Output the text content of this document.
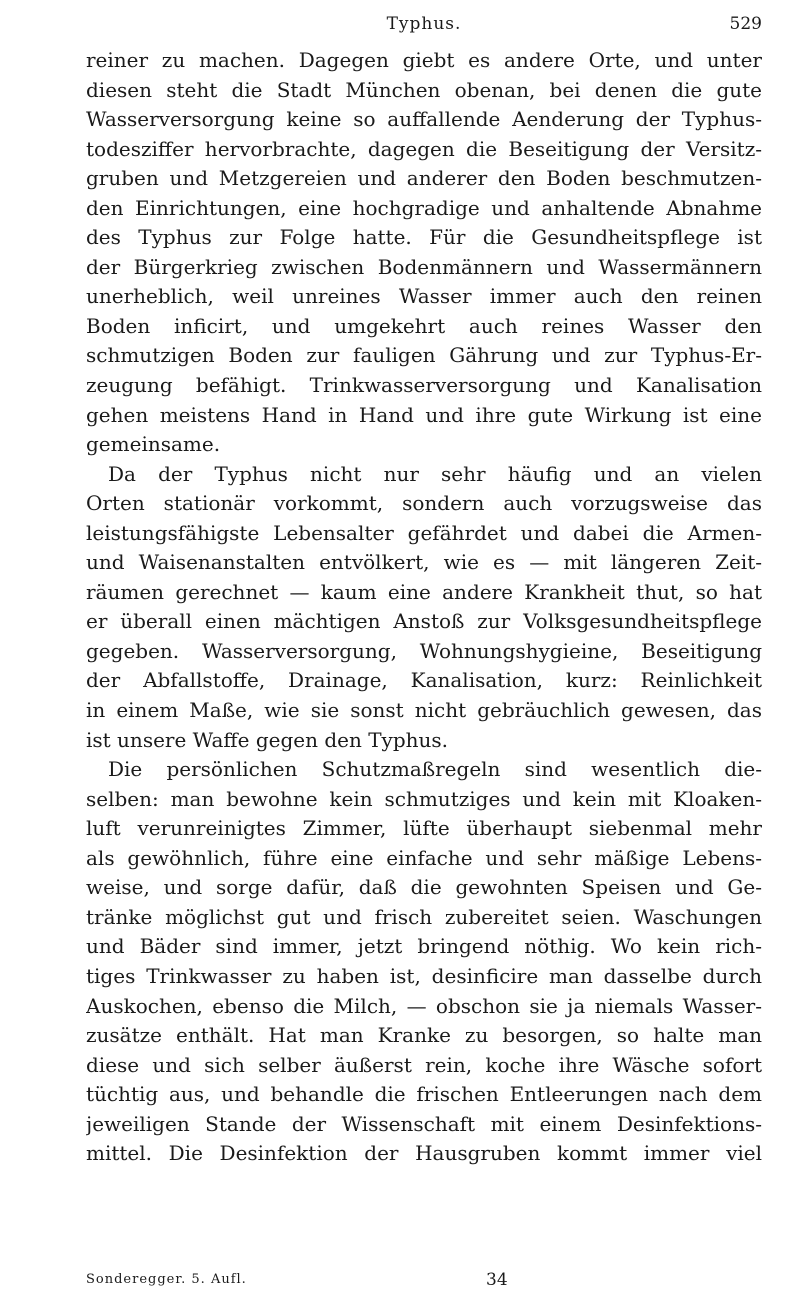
Typhus.	529
reiner zu machen. Dagegen giebt es andere Orte, und unter
diesen steht die Stadt München obenan, bei denen die gute
Wasserversorgung keine so auffallende Aenderung der Typhus-
todesziffer hervorbrachte, dagegen die Beseitigung der Versitz-
gruben und Metzgereien und anderer den Boden beschmutzen-
den Einrichtungen, eine hochgradige und anhaltende Abnahme
des Typhus zur Folge hatte. Für die Gesundheitspflege ist
der Bürgerkrieg zwischen Bodenmännern und Wassermännern
unerheblich, weil unreines Wasser immer auch den reinen
Boden inficirt, und umgekehrt auch reines Wasser den
schmutzigen Boden zur fauligen Gährung und zur Typhus-Er-
zeugung befähigt. Trinkwasserversorgung und Kanalisation
gehen meistens Hand in Hand und ihre gute Wirkung ist eine
gemeinsame.
Da der Typhus nicht nur sehr häufig und an vielen
Orten stationär vorkommt, sondern auch vorzugsweise das
leistungsfähigste Lebensalter gefährdet und dabei die Armen-
und Waisenanstalten entvölkert, wie es — mit längeren Zeit-
räumen gerechnet — kaum eine andere Krankheit thut, so hat
er überall einen mächtigen Anstoß zur Volksgesundheitspflege
gegeben. Wasserversorgung, Wohnungshygieine, Beseitigung
der Abfallstoffe, Drainage, Kanalisation, kurz: Reinlichkeit
in einem Maße, wie sie sonst nicht gebräuchlich gewesen, das
ist unsere Waffe gegen den Typhus.
Die persönlichen Schutzmaßregeln sind wesentlich die-
selben: man bewohne kein schmutziges und kein mit Kloaken-
luft verunreinigtes Zimmer, lüfte überhaupt siebenmal mehr
als gewöhnlich, führe eine einfache und sehr mäßige Lebens-
weise, und sorge dafür, daß die gewohnten Speisen und Ge-
tränke möglichst gut und frisch zubereitet seien. Waschungen
und Bäder sind immer, jetzt bringend nöthig. Wo kein rich-
tiges Trinkwasser zu haben ist, desinficire man dasselbe durch
Auskochen, ebenso die Milch, — obschon sie ja niemals Wasser-
zusätze enthält. Hat man Kranke zu besorgen, so halte man
diese und sich selber äußerst rein, koche ihre Wäsche sofort
tüchtig aus, und behandle die frischen Entleerungen nach dem
jeweiligen Stande der Wissenschaft mit einem Desinfektions-
mittel. Die Desinfektion der Hausgruben kommt immer viel
Sonderegger. 5. Aufl.	34
